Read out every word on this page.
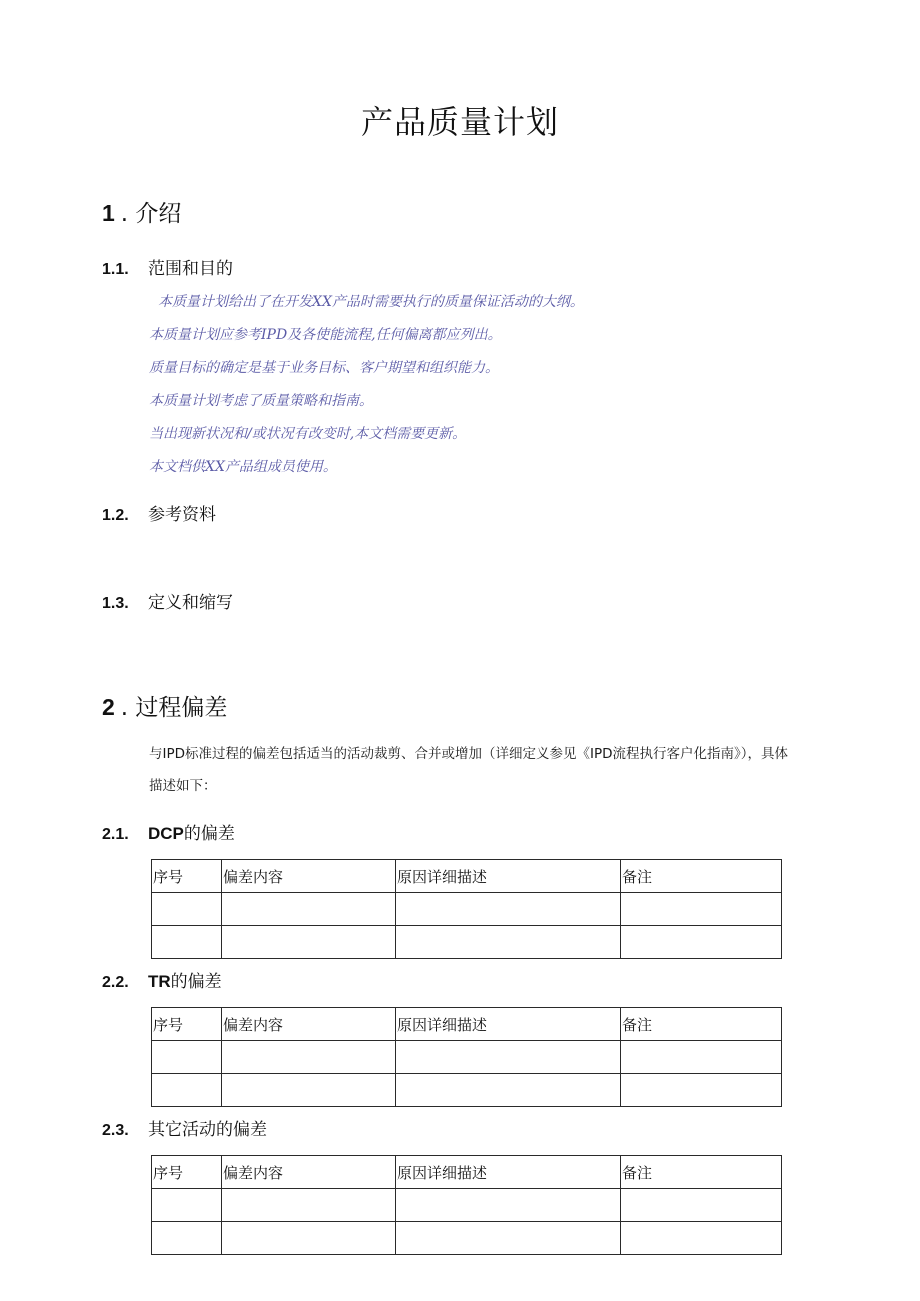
产品质量计划
1 . 介绍
1.1. 范围和目的
本质量计划给出了在开发XX产品时需要执行的质量保证活动的大纲。
本质量计划应参考IPD及各使能流程,任何偏离都应列出。
质量目标的确定是基于业务目标、客户期望和组织能力。
本质量计划考虑了质量策略和指南。
当出现新状况和/或状况有改变时,本文档需要更新。
本文档供XX产品组成员使用。
1.2. 参考资料
1.3. 定义和缩写
2 . 过程偏差
与IPD标准过程的偏差包括适当的活动裁剪、合并或增加（详细定义参见《IPD流程执行客户化指南》），具体描述如下：
2.1. DCP的偏差
序号	偏差内容	原因详细描述	备注

2.2. TR的偏差
序号	偏差内容	原因详细描述	备注

2.3. 其它活动的偏差
序号	偏差内容	原因详细描述	备注
